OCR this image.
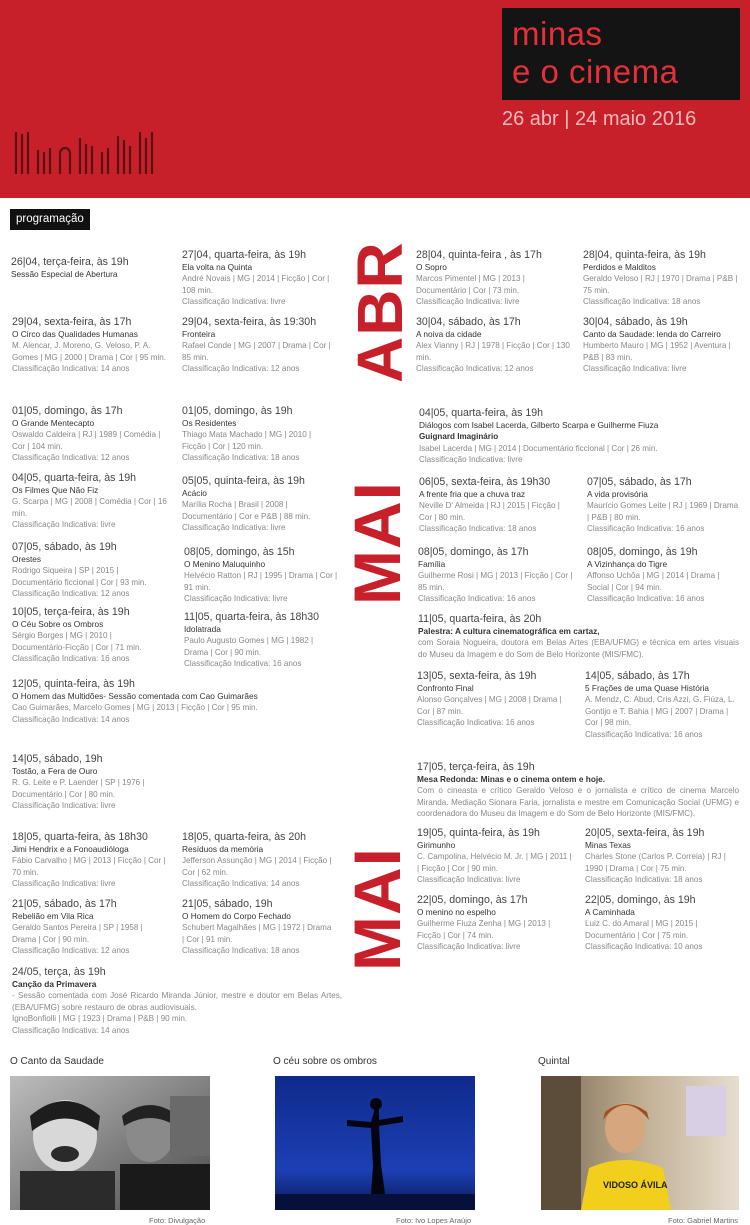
minas
e o cinema
26 abr | 24 maio 2016
programação
ABR
MAI
MAI
26|04, terça-feira, às 19h
Sessão Especial de Abertura
27|04, quarta-feira, às 19h
Ela volta na Quinta

André Novais | MG | 2014 | Ficção | Cor |

108 min.

Classificação Indicativa: livre

29|04, sexta-feira, às 17h
O Circo das Qualidades Humanas

M. Alencar, J. Moreno, G. Veloso, P. A.

Gomes | MG | 2000 | Drama | Cor | 95 min.

Classificação Indicativa: 14 anos

29|04, sexta-feira, às 19:30h
Fronteira

Rafael Conde | MG | 2007 | Drama | Cor |

85 min.

Classificação Indicativa: 12 anos

28|04, quinta-feira , às 17h
O Sopro

Marcos Pimentel | MG | 2013 |

Documentário | Cor | 73 min.

Classificação Indicativa: livre

28|04, quinta-feira, às 19h
Perdidos e Malditos

Geraldo Veloso | RJ | 1970 | Drama | P&B |

75 min.

Classificação Indicativa: 18 anos

30|04, sábado, às 17h
A noiva da cidade

Alex Vianny | RJ | 1978 | Ficção | Cor | 130

min.

Classificação Indicativa: 12 anos

30|04, sábado, às 19h
Canto da Saudade: lenda do Carreiro

Humberto Mauro | MG | 1952 | Aventura |

P&B | 83 min.

Classificação Indicativa: livre

01|05, domingo, às 17h
O Grande Mentecapto

Oswaldo Caldeira | RJ | 1989 | Comédia |

Cor | 104 min.

Classificação Indicativa: 12 anos

01|05, domingo, às 19h
Os Residentes

Thiago Mata Machado | MG | 2010 |

Ficção | Cor | 120 min.

Classificação Indicativa: 18 anos

04|05, quarta-feira, às 19h
Os Filmes Que Não Fiz

G. Scarpa | MG | 2008 | Comédia | Cor | 16

min.

Classificação Indicativa: livre

05|05, quinta-feira, às 19h
Acácio

Marília Rocha | Brasil | 2008 |

Documentário | Cor e P&B | 88 min.

Classificação Indicativa: livre

07|05, sábado, às 19h
Orestes

Rodrigo Siqueira | SP | 2015 |

Documentário ficcional | Cor | 93 min.

Classificação Indicativa: 12 anos

08|05, domingo, às 15h
O Menino Maluquinho

Helvécio Ratton | RJ | 1995 | Drama | Cor |

91 min.

Classificação Indicativa: livre

10|05, terça-feira, às 19h
O Céu Sobre os Ombros

Sérgio Borges | MG | 2010 |

Documentário-Ficção | Cor | 71 min.

Classificação Indicativa: 16 anos

11|05, quarta-feira, às 18h30
Idolatrada

Paulo Augusto Gomes | MG | 1982 |

Drama | Cor | 90 min.

Classificação Indicativa: 16 anos

12|05, quinta-feira, às 19h
O Homem das Multidões- Sessão comentada com Cao Guimarães

Cao Guimarães, Marcelo Gomes | MG | 2013 | Ficção | Cor | 95 min.

Classificação Indicativa: 14 anos

04|05, quarta-feira, às 19h
Diálogos com Isabel Lacerda, Gilberto Scarpa e Guilherme Fiuza

Guignard Imaginário

Isabel Lacerda | MG | 2014 | Documentário ficcional | Cor | 26 min.

Classificação Indicativa: livre

06|05, sexta-feira, às 19h30
A frente fria que a chuva traz

Neville D' Almeida | RJ | 2015 | Ficção |

Cor | 80 min.

Classificação Indicativa: 18 anos

07|05, sábado, às 17h
A vida provisória

Maurício Gomes Leite | RJ | 1969 | Drama

| P&B | 80 min.

Classificação Indicativa: 16 anos

08|05, domingo, às 17h
Família

Guilherme Rosi | MG | 2013 | Ficção | Cor |

85 min.

Classificação Indicativa: 16 anos

08|05, domingo, às 19h
A Vizinhança do Tigre

Affonso Uchôa | MG | 2014 | Drama |

Social | Cor | 94 min.

Classificação Indicativa: 16 anos

11|05, quarta-feira, às 20h
Palestra: A cultura cinematográfica em cartaz,

com Soraia Nogueira, doutora em Belas Artes (EBA/UFMG) e técnica em artes visuais do Museu da Imagem e do Som de Belo Horizonte (MIS/FMC).

13|05, sexta-feira, às 19h
Confronto Final

Alonso Gonçalves | MG | 2008 | Drama |

Cor | 87 min.

Classificação Indicativa: 16 anos

14|05, sábado, às 17h
5 Frações de uma Quase História

A. Mendz, C. Abud, Cris Azzi, G. Fiúza, L.

Gontijo e T. Bahia | MG | 2007 | Drama |

Cor | 98 min.

Classificação Indicativa: 16 anos

14|05, sábado, 19h
Tostão, a Fera de Ouro

R. G. Leite e P. Laender | SP | 1976 |

Documentário | Cor | 80 min.

Classificação Indicativa: livre

18|05, quarta-feira, às 18h30
Jimi Hendrix e a Fonoaudióloga

Fábio Carvalho | MG | 2013 | Ficção | Cor |

70 min.

Classificação Indicativa: livre

18|05, quarta-feira, às 20h
Resíduos da memória

Jefferson Assunção | MG | 2014 | Ficção |

Cor | 62 min.

Classificação Indicativa: 14 anos

21|05, sábado, às 17h
Rebelião em Vila Rica

Geraldo Santos Pereira | SP | 1958 |

Drama | Cor | 90 min.

Classificação Indicativa: 12 anos

21|05, sábado, 19h
O Homem do Corpo Fechado

Schubert Magalhães | MG | 1972 | Drama

| Cor | 91 min.

Classificação Indicativa: 18 anos

24/05, terça, às 19h
Canção da Primavera

- Sessão comentada com José Ricardo Miranda Júnior, mestre e doutor em Belas Artes, (EBA/UFMG) sobre restauro de obras audiovisuais.

IgnoBonfiolli | MG | 1923 | Drama | P&B | 90 min.

Classificação Indicativa: 14 anos

17|05, terça-feira, às 19h
Mesa Redonda: Minas e o cinema ontem e hoje.

Com o cineasta e crítico Geraldo Veloso e o jornalista e crítico de cinema Marcelo Miranda. Mediação Sionara Faria, jornalista e mestre em Comunicação Social (UFMG) e coordenadora do Museu da Imagem e do Som de Belo Horizonte (MIS/FMC).

19|05, quinta-feira, às 19h
Girimunho

C. Campolina, Helvécio M. Jr. | MG | 2011 |

| Ficção | Cor | 90 min.

Classificação Indicativa: livre

20|05, sexta-feira, às 19h
Minas Texas

Charles Stone (Carlos P. Correia) | RJ |

1990 | Drama | Cor | 75 min.

Classificação Indicativa: 18 anos

22|05, domingo, às 17h
O menino no espelho

Guilherme Fiuza Zenha | MG | 2013 |

Ficção | Cor | 74 min.

Classificação Indicativa: livre

22|05, domingo, às 19h
A Caminhada

Luiz C. do Amaral | MG | 2015 |

Documentário | Cor | 75 min.

Classificação Indicativa: 10 anos

O Canto da Saudade	O céu sobre os ombros	Quintal
VIDOSO ÁVILA
Foto: Divulgação	Foto: Ivo Lopes Araújo	Foto: Gabriel Martins
